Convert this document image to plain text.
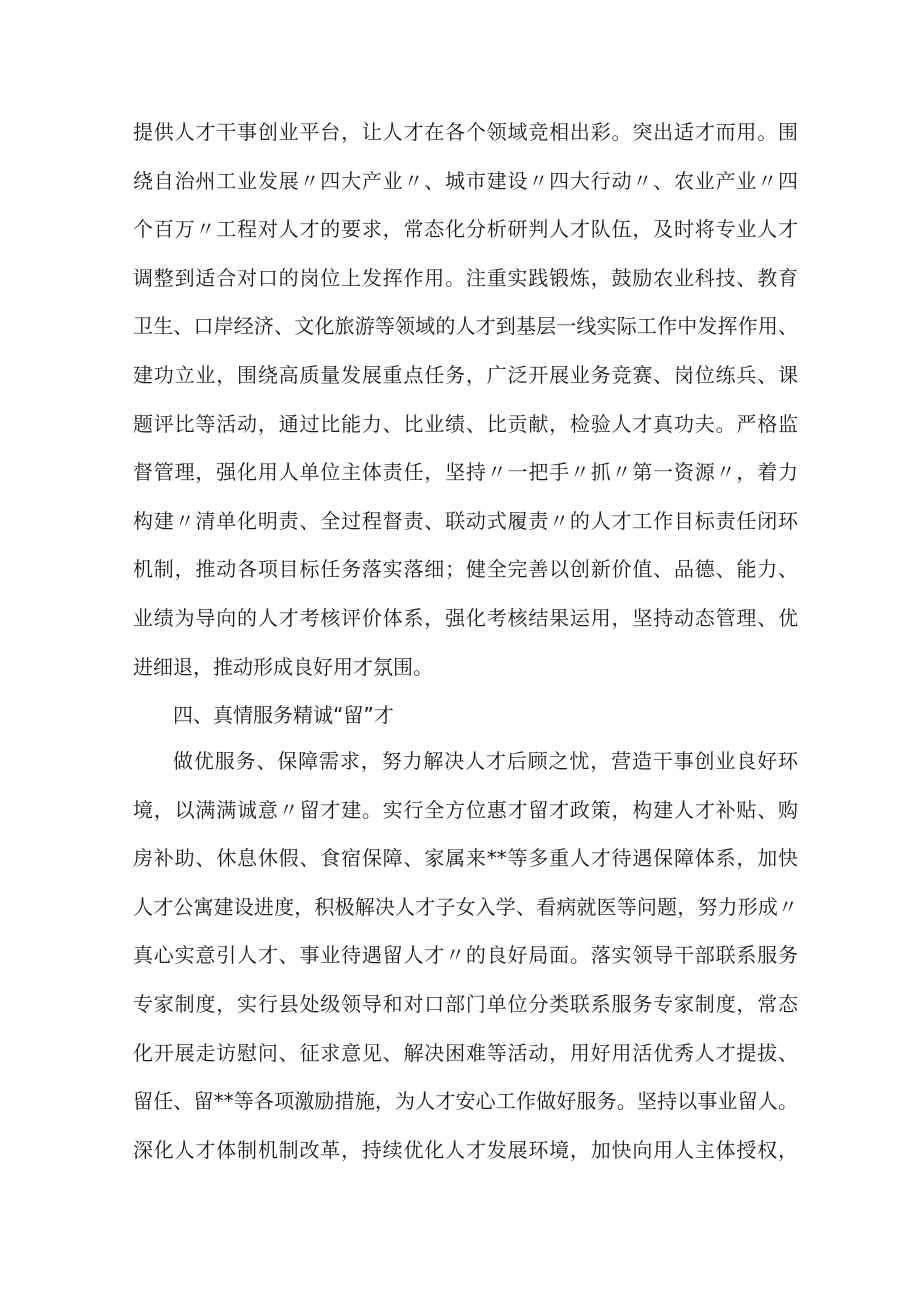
提供人才干事创业平台，让人才在各个领域竞相出彩。突出适才而用。围
绕自治州工业发展〃四大产业〃、城市建设〃四大行动〃、农业产业〃四
个百万〃工程对人才的要求，常态化分析研判人才队伍，及时将专业人才
调整到适合对口的岗位上发挥作用。注重实践锻炼，鼓励农业科技、教育
卫生、口岸经济、文化旅游等领域的人才到基层一线实际工作中发挥作用、
建功立业，围绕高质量发展重点任务，广泛开展业务竞赛、岗位练兵、课
题评比等活动，通过比能力、比业绩、比贡献，检验人才真功夫。严格监
督管理，强化用人单位主体责任，坚持〃一把手〃抓〃第一资源〃，着力
构建〃清单化明责、全过程督责、联动式履责〃的人才工作目标责任闭环
机制，推动各项目标任务落实落细；健全完善以创新价值、品德、能力、
业绩为导向的人才考核评价体系，强化考核结果运用，坚持动态管理、优
进细退，推动形成良好用才氛围。
四、真情服务精诚“留”才
做优服务、保障需求，努力解决人才后顾之忧，营造干事创业良好环
境，以满满诚意〃留才建。实行全方位惠才留才政策，构建人才补贴、购
房补助、休息休假、食宿保障、家属来**等多重人才待遇保障体系，加快
人才公寓建设进度，积极解决人才子女入学、看病就医等问题，努力形成〃
真心实意引人才、事业待遇留人才〃的良好局面。落实领导干部联系服务
专家制度，实行县处级领导和对口部门单位分类联系服务专家制度，常态
化开展走访慰问、征求意见、解决困难等活动，用好用活优秀人才提拔、
留任、留**等各项激励措施，为人才安心工作做好服务。坚持以事业留人。
深化人才体制机制改革，持续优化人才发展环境，加快向用人主体授权，
